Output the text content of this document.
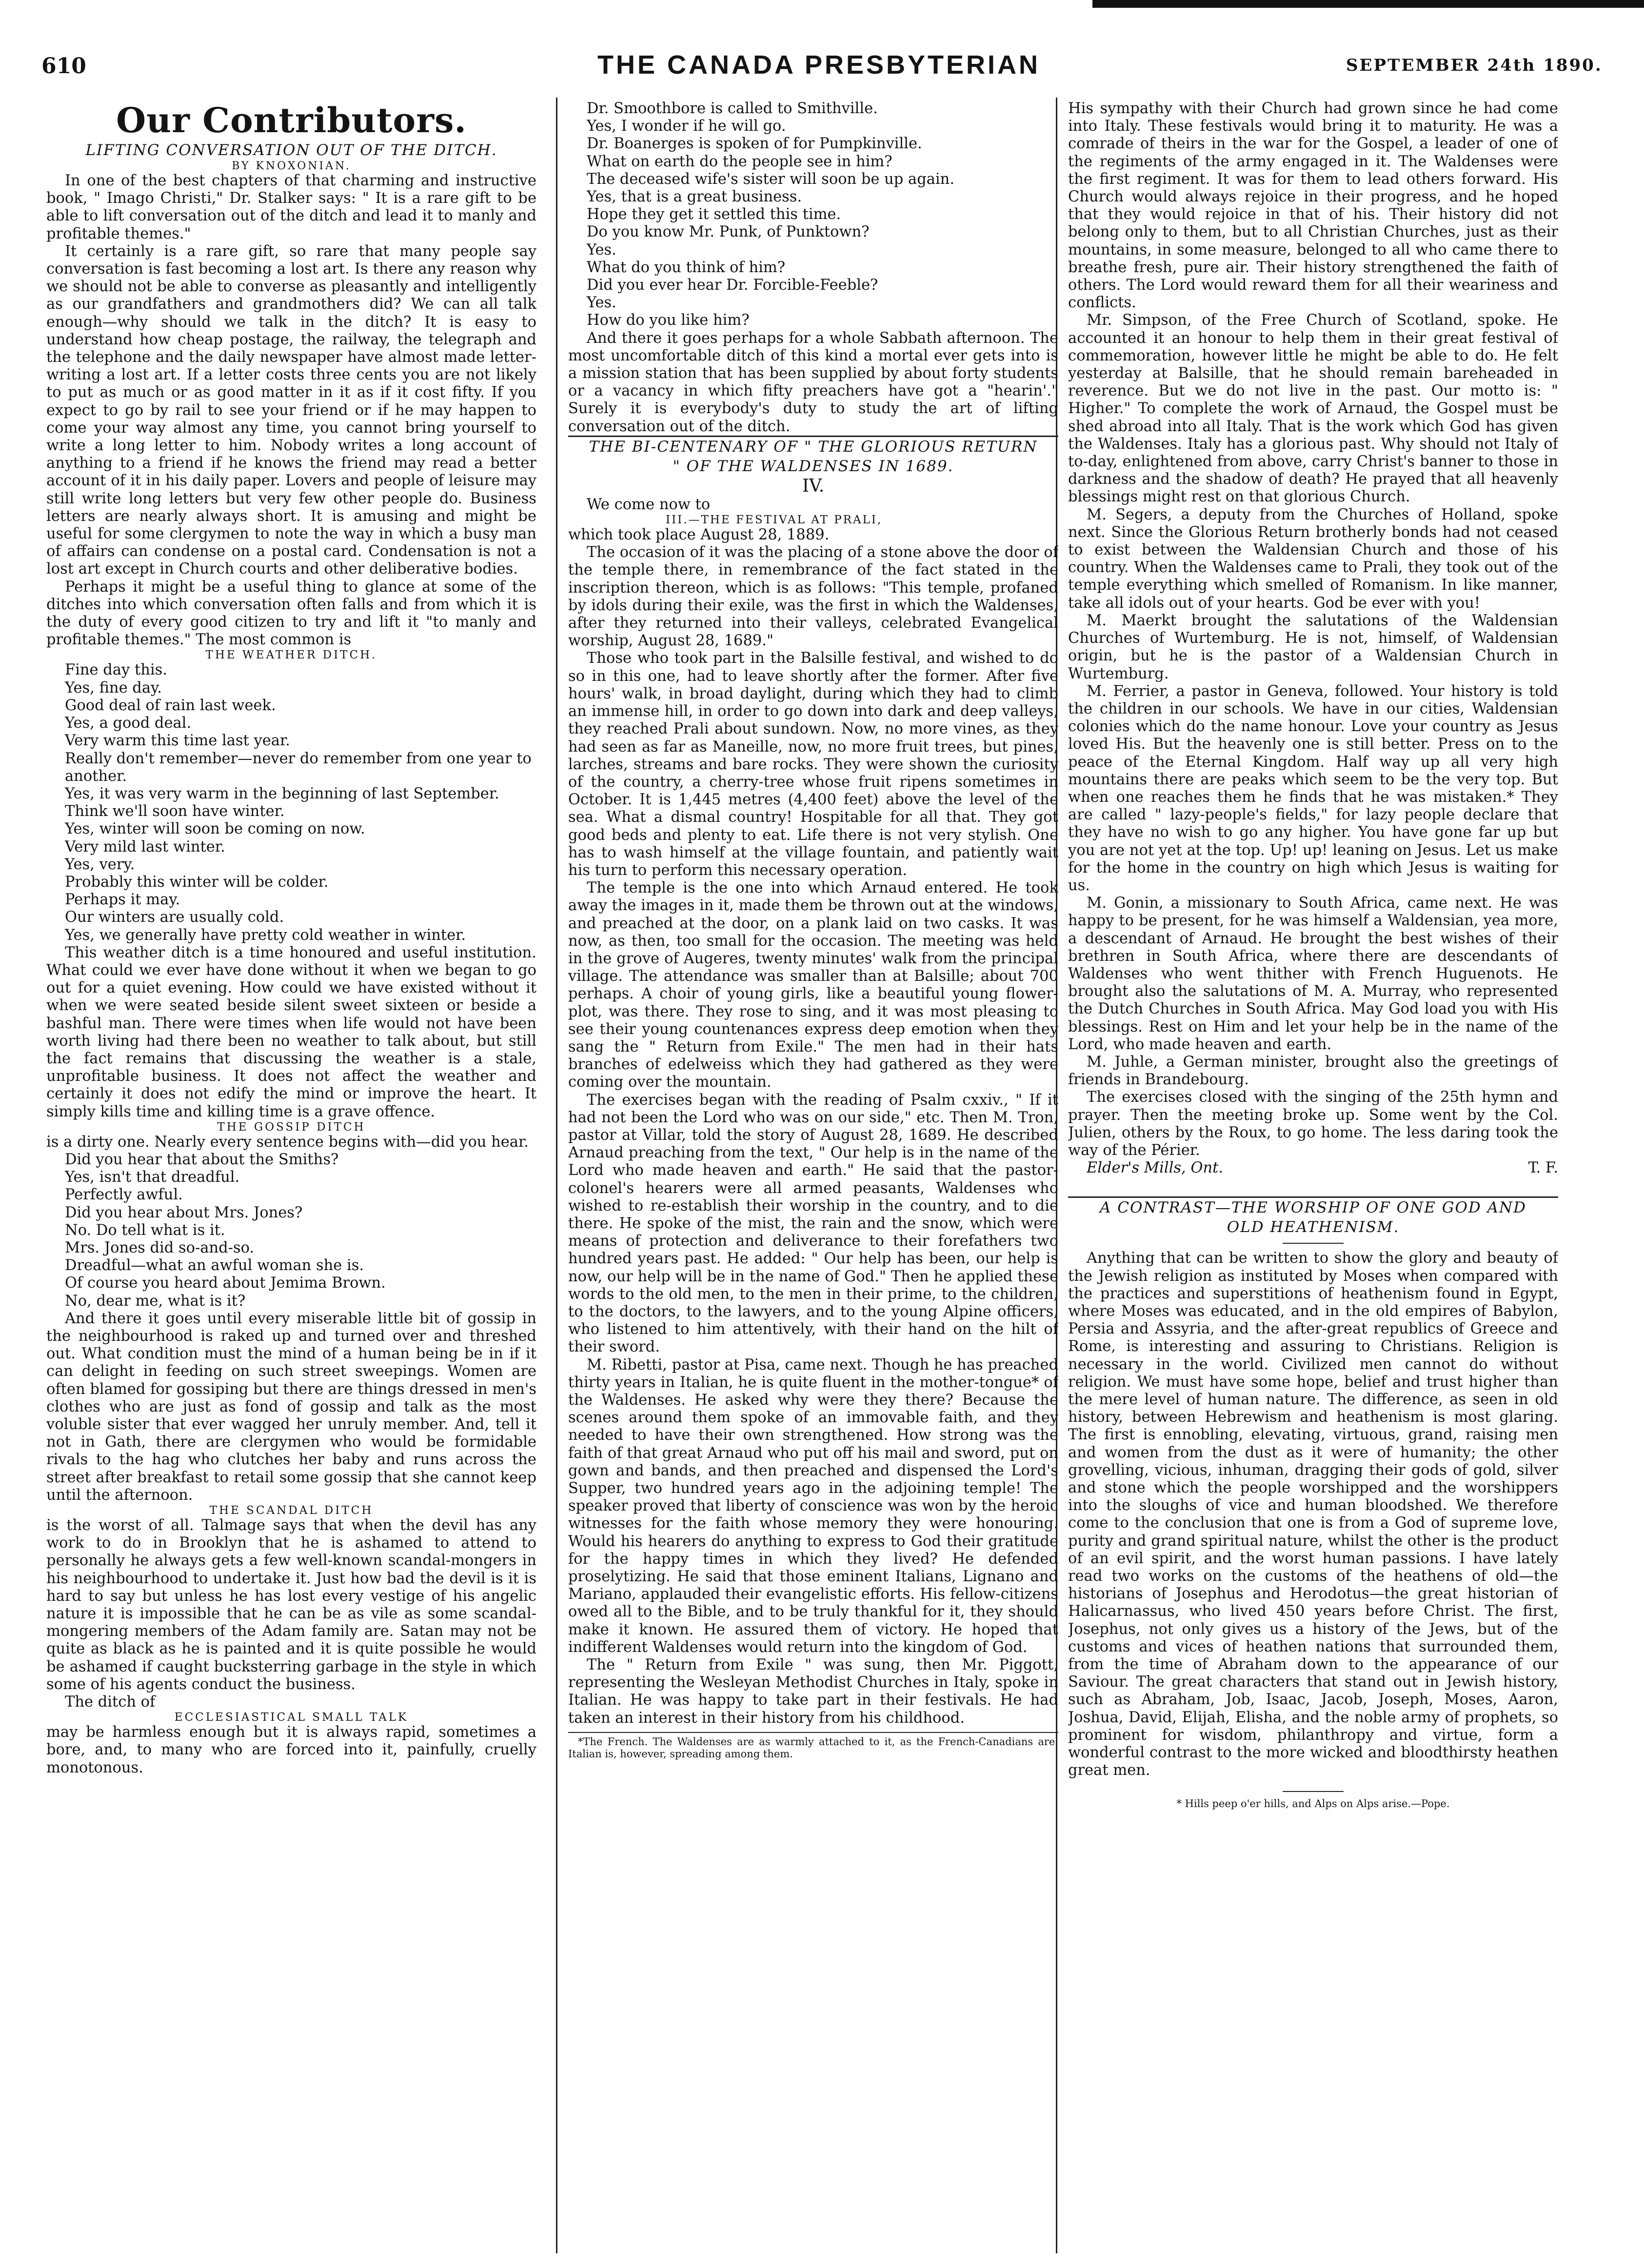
610	THE CANADA PRESBYTERIAN	SEPTEMBER 24th 1890.
Our Contributors.
LIFTING CONVERSATION OUT OF THE DITCH.
BY KNOXONIAN.

In one of the best chapters of that charming and instructive book, " Imago Christi," Dr. Stalker says: " It is a rare gift to be able to lift conversation out of the ditch and lead it to manly and profitable themes."

It certainly is a rare gift, so rare that many people say conversation is fast becoming a lost art. Is there any reason why we should not be able to converse as pleasantly and intelligently as our grandfathers and grandmothers did? We can all talk enough—why should we talk in the ditch? It is easy to understand how cheap postage, the railway, the telegraph and the telephone and the daily newspaper have almost made letter-writing a lost art. If a letter costs three cents you are not likely to put as much or as good matter in it as if it cost fifty. If you expect to go by rail to see your friend or if he may happen to come your way almost any time, you cannot bring yourself to write a long letter to him. Nobody writes a long account of anything to a friend if he knows the friend may read a better account of it in his daily paper. Lovers and people of leisure may still write long letters but very few other people do. Business letters are nearly always short. It is amusing and might be useful for some clergymen to note the way in which a busy man of affairs can condense on a postal card. Condensation is not a lost art except in Church courts and other deliberative bodies.

Perhaps it might be a useful thing to glance at some of the ditches into which conversation often falls and from which it is the duty of every good citizen to try and lift it "to manly and profitable themes." The most common is

THE WEATHER DITCH.
Fine day this.
Yes, fine day.
Good deal of rain last week.
Yes, a good deal.
Very warm this time last year.
Really don't remember—never do remember from one year to another.
Yes, it was very warm in the beginning of last September.
Think we'll soon have winter.
Yes, winter will soon be coming on now.
Very mild last winter.
Yes, very.
Probably this winter will be colder.
Perhaps it may.
Our winters are usually cold.
Yes, we generally have pretty cold weather in winter.

This weather ditch is a time honoured and useful institution. What could we ever have done without it when we began to go out for a quiet evening. How could we have existed without it when we were seated beside silent sweet sixteen or beside a bashful man. There were times when life would not have been worth living had there been no weather to talk about, but still the fact remains that discussing the weather is a stale, unprofitable business. It does not affect the weather and certainly it does not edify the mind or improve the heart. It simply kills time and killing time is a grave offence.

THE GOSSIP DITCH

is a dirty one. Nearly every sentence begins with—did you hear.

Did you hear that about the Smiths?
Yes, isn't that dreadful.
Perfectly awful.
Did you hear about Mrs. Jones?
No. Do tell what is it.
Mrs. Jones did so-and-so.
Dreadful—what an awful woman she is.
Of course you heard about Jemima Brown.
No, dear me, what is it?

And there it goes until every miserable little bit of gossip in the neighbourhood is raked up and turned over and threshed out. What condition must the mind of a human being be in if it can delight in feeding on such street sweepings. Women are often blamed for gossiping but there are things dressed in men's clothes who are just as fond of gossip and talk as the most voluble sister that ever wagged her unruly member. And, tell it not in Gath, there are clergymen who would be formidable rivals to the hag who clutches her baby and runs across the street after breakfast to retail some gossip that she cannot keep until the afternoon.

THE SCANDAL DITCH

is the worst of all. Talmage says that when the devil has any work to do in Brooklyn that he is ashamed to attend to personally he always gets a few well-known scandal-mongers in his neighbourhood to undertake it. Just how bad the devil is it is hard to say but unless he has lost every vestige of his angelic nature it is impossible that he can be as vile as some scandal-mongering members of the Adam family are. Satan may not be quite as black as he is painted and it is quite possible he would be ashamed if caught bucksterring garbage in the style in which some of his agents conduct the business.

The ditch of

ECCLESIASTICAL SMALL TALK

may be harmless enough but it is always rapid, sometimes a bore, and, to many who are forced into it, painfully, cruelly monotonous.

Dr. Smoothbore is called to Smithville.
Yes, I wonder if he will go.
Dr. Boanerges is spoken of for Pumpkinville.
What on earth do the people see in him?
The deceased wife's sister will soon be up again.
Yes, that is a great business.
Hope they get it settled this time.
Do you know Mr. Punk, of Punktown?
Yes.
What do you think of him?
Did you ever hear Dr. Forcible-Feeble?
Yes.
How do you like him?

And there it goes perhaps for a whole Sabbath afternoon. The most uncomfortable ditch of this kind a mortal ever gets into is a mission station that has been supplied by about forty students or a vacancy in which fifty preachers have got a "hearin'." Surely it is everybody's duty to study the art of lifting conversation out of the ditch.

THE BI-CENTENARY OF " THE GLORIOUS RETURN " OF THE WALDENSES IN 1689.
IV.

We come now to

III.—THE FESTIVAL AT PRALI,

which took place August 28, 1889.

The occasion of it was the placing of a stone above the door of the temple there, in remembrance of the fact stated in the inscription thereon, which is as follows: "This temple, profaned by idols during their exile, was the first in which the Waldenses, after they returned into their valleys, celebrated Evangelical worship, August 28, 1689."

Those who took part in the Balsille festival, and wished to do so in this one, had to leave shortly after the former. After five hours' walk, in broad daylight, during which they had to climb an immense hill, in order to go down into dark and deep valleys, they reached Prali about sundown. Now, no more vines, as they had seen as far as Maneille, now, no more fruit trees, but pines, larches, streams and bare rocks. They were shown the curiosity of the country, a cherry-tree whose fruit ripens sometimes in October. It is 1,445 metres (4,400 feet) above the level of the sea. What a dismal country! Hospitable for all that. They got good beds and plenty to eat. Life there is not very stylish. One has to wash himself at the village fountain, and patiently wait his turn to perform this necessary operation.

The temple is the one into which Arnaud entered. He took away the images in it, made them be thrown out at the windows, and preached at the door, on a plank laid on two casks. It was now, as then, too small for the occasion. The meeting was held in the grove of Augeres, twenty minutes' walk from the principal village. The attendance was smaller than at Balsille; about 700 perhaps. A choir of young girls, like a beautiful young flower-plot, was there. They rose to sing, and it was most pleasing to see their young countenances express deep emotion when they sang the " Return from Exile." The men had in their hats branches of edelweiss which they had gathered as they were coming over the mountain.

The exercises began with the reading of Psalm cxxiv., " If it had not been the Lord who was on our side," etc. Then M. Tron, pastor at Villar, told the story of August 28, 1689. He described Arnaud preaching from the text, " Our help is in the name of the Lord who made heaven and earth." He said that the pastor-colonel's hearers were all armed peasants, Waldenses who wished to re-establish their worship in the country, and to die there. He spoke of the mist, the rain and the snow, which were means of protection and deliverance to their forefathers two hundred years past. He added: " Our help has been, our help is now, our help will be in the name of God." Then he applied these words to the old men, to the men in their prime, to the children, to the doctors, to the lawyers, and to the young Alpine officers, who listened to him attentively, with their hand on the hilt of their sword.

M. Ribetti, pastor at Pisa, came next. Though he has preached thirty years in Italian, he is quite fluent in the mother-tongue* of the Waldenses. He asked why were they there? Because the scenes around them spoke of an immovable faith, and they needed to have their own strengthened. How strong was the faith of that great Arnaud who put off his mail and sword, put on gown and bands, and then preached and dispensed the Lord's Supper, two hundred years ago in the adjoining temple! The speaker proved that liberty of conscience was won by the heroic witnesses for the faith whose memory they were honouring. Would his hearers do anything to express to God their gratitude for the happy times in which they lived? He defended proselytizing. He said that those eminent Italians, Lignano and Mariano, applauded their evangelistic efforts. His fellow-citizens owed all to the Bible, and to be truly thankful for it, they should make it known. He assured them of victory. He hoped that indifferent Waldenses would return into the kingdom of God.

The " Return from Exile " was sung, then Mr. Piggott, representing the Wesleyan Methodist Churches in Italy, spoke in Italian. He was happy to take part in their festivals. He had taken an interest in their history from his childhood.

*The French. The Waldenses are as warmly attached to it, as the French-Canadians are. Italian is, however, spreading among them.

His sympathy with their Church had grown since he had come into Italy. These festivals would bring it to maturity. He was a comrade of theirs in the war for the Gospel, a leader of one of the regiments of the army engaged in it. The Waldenses were the first regiment. It was for them to lead others forward. His Church would always rejoice in their progress, and he hoped that they would rejoice in that of his. Their history did not belong only to them, but to all Christian Churches, just as their mountains, in some measure, belonged to all who came there to breathe fresh, pure air. Their history strengthened the faith of others. The Lord would reward them for all their weariness and conflicts.

Mr. Simpson, of the Free Church of Scotland, spoke. He accounted it an honour to help them in their great festival of commemoration, however little he might be able to do. He felt yesterday at Balsille, that he should remain bareheaded in reverence. But we do not live in the past. Our motto is: " Higher." To complete the work of Arnaud, the Gospel must be shed abroad into all Italy. That is the work which God has given the Waldenses. Italy has a glorious past. Why should not Italy of to-day, enlightened from above, carry Christ's banner to those in darkness and the shadow of death? He prayed that all heavenly blessings might rest on that glorious Church.

M. Segers, a deputy from the Churches of Holland, spoke next. Since the Glorious Return brotherly bonds had not ceased to exist between the Waldensian Church and those of his country. When the Waldenses came to Prali, they took out of the temple everything which smelled of Romanism. In like manner, take all idols out of your hearts. God be ever with you!

M. Maerkt brought the salutations of the Waldensian Churches of Wurtemburg. He is not, himself, of Waldensian origin, but he is the pastor of a Waldensian Church in Wurtemburg.

M. Ferrier, a pastor in Geneva, followed. Your history is told the children in our schools. We have in our cities, Waldensian colonies which do the name honour. Love your country as Jesus loved His. But the heavenly one is still better. Press on to the peace of the Eternal Kingdom. Half way up all very high mountains there are peaks which seem to be the very top. But when one reaches them he finds that he was mistaken.* They are called " lazy-people's fields," for lazy people declare that they have no wish to go any higher. You have gone far up but you are not yet at the top. Up! up! leaning on Jesus. Let us make for the home in the country on high which Jesus is waiting for us.

M. Gonin, a missionary to South Africa, came next. He was happy to be present, for he was himself a Waldensian, yea more, a descendant of Arnaud. He brought the best wishes of their brethren in South Africa, where there are descendants of Waldenses who went thither with French Huguenots. He brought also the salutations of M. A. Murray, who represented the Dutch Churches in South Africa. May God load you with His blessings. Rest on Him and let your help be in the name of the Lord, who made heaven and earth.

M. Juhle, a German minister, brought also the greetings of friends in Brandebourg.

The exercises closed with the singing of the 25th hymn and prayer. Then the meeting broke up. Some went by the Col. Julien, others by the Roux, to go home. The less daring took the way of the Périer.

T. F.
Elder's Mills, Ont.
A CONTRAST—THE WORSHIP OF ONE GOD AND OLD HEATHENISM.

Anything that can be written to show the glory and beauty of the Jewish religion as instituted by Moses when compared with the practices and superstitions of heathenism found in Egypt, where Moses was educated, and in the old empires of Babylon, Persia and Assyria, and the after-great republics of Greece and Rome, is interesting and assuring to Christians. Religion is necessary in the world. Civilized men cannot do without religion. We must have some hope, belief and trust higher than the mere level of human nature. The difference, as seen in old history, between Hebrewism and heathenism is most glaring. The first is ennobling, elevating, virtuous, grand, raising men and women from the dust as it were of humanity; the other grovelling, vicious, inhuman, dragging their gods of gold, silver and stone which the people worshipped and the worshippers into the sloughs of vice and human bloodshed. We therefore come to the conclusion that one is from a God of supreme love, purity and grand spiritual nature, whilst the other is the product of an evil spirit, and the worst human passions. I have lately read two works on the customs of the heathens of old—the historians of Josephus and Herodotus—the great historian of Halicarnassus, who lived 450 years before Christ. The first, Josephus, not only gives us a history of the Jews, but of the customs and vices of heathen nations that surrounded them, from the time of Abraham down to the appearance of our Saviour. The great characters that stand out in Jewish history, such as Abraham, Job, Isaac, Jacob, Joseph, Moses, Aaron, Joshua, David, Elijah, Elisha, and the noble army of prophets, so prominent for wisdom, philanthropy and virtue, form a wonderful contrast to the more wicked and bloodthirsty heathen great men.

* Hills peep o'er hills, and Alps on Alps arise.—Pope.
